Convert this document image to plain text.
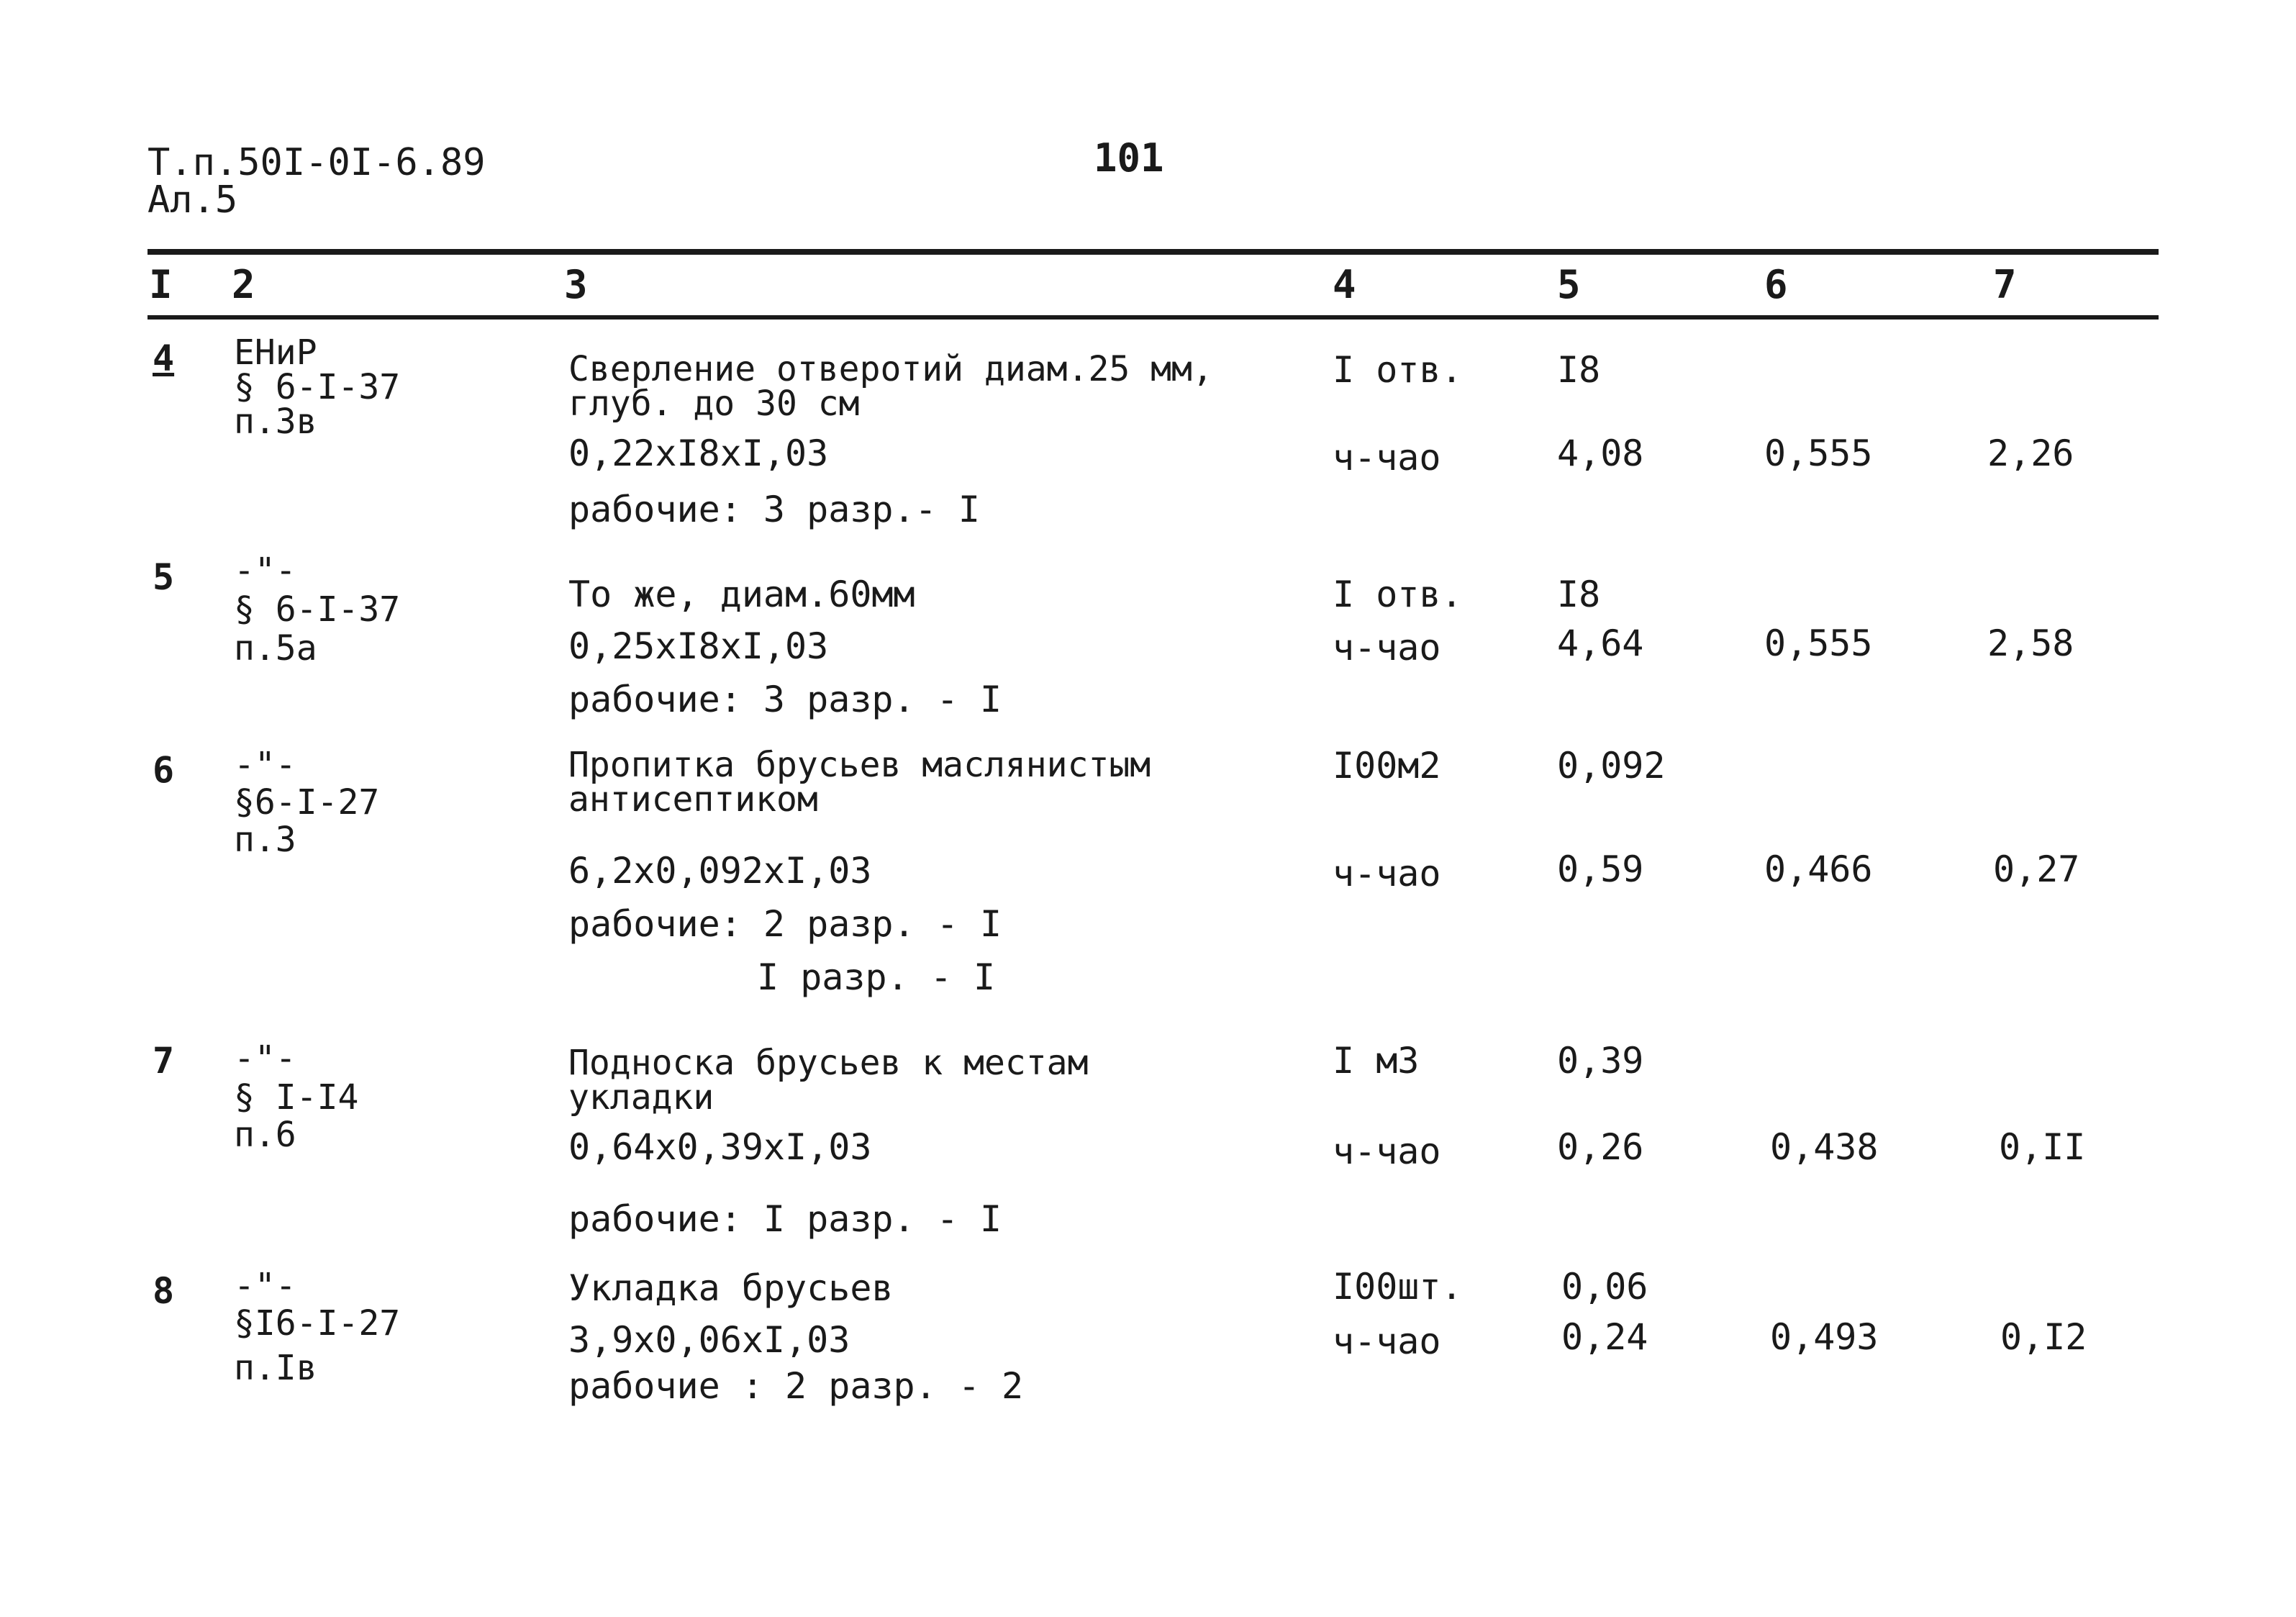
Т.п.50I-0I-6.89
Ал.5
101
I 2	3	4	5	6	7
4 ЕНиР
§ 6-I-37
п.3в
Сверление отверотий диам.25 мм,
глуб. до 30 см
I отв.	I8
0,22xI8xI,03	ч-чао	4,08	0,555	2,26
рабочие: 3 разр.- I
5 -"-
§ 6-I-37
п.5а
То же, диам.60мм	I отв.	I8
0,25xI8xI,03	ч-чао	4,64	0,555	2,58
рабочие: 3 разр. - I
6 -"-
§6-I-27
п.3
Пропитка брусьев маслянистым
антисептиком
I00м2	0,092
6,2x0,092xI,03	ч-чао	0,59	0,466	0,27
рабочие: 2 разр. - I
I разр. - I
7 -"-
§ I-I4
п.6
Подноска брусьев к местам
укладки
I м3	0,39
0,64x0,39xI,03	ч-чао	0,26	0,438	0,II
рабочие: I разр. - I
8 -"-
§I6-I-27
п.Iв
Укладка брусьев	I00шт.	0,06
3,9x0,06xI,03	ч-чао	0,24	0,493	0,I2
рабочие : 2 разр. - 2
